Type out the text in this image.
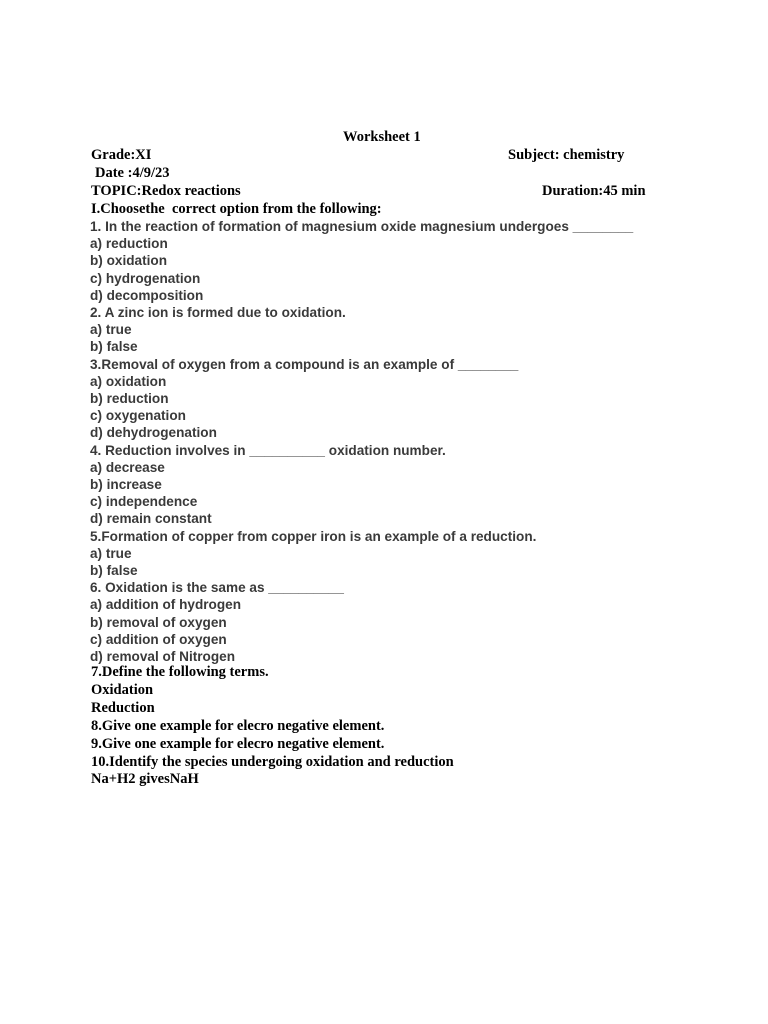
Worksheet 1
Grade:XI	Subject: chemistry
Date :4/9/23
TOPIC:Redox reactions	Duration:45 min
I.Choosethe  correct option from the following:
1. In the reaction of formation of magnesium oxide magnesium undergoes ________
a) reduction
b) oxidation
c) hydrogenation
d) decomposition
2. A zinc ion is formed due to oxidation.
a) true
b) false
3.Removal of oxygen from a compound is an example of ________
a) oxidation
b) reduction
c) oxygenation
d) dehydrogenation
4. Reduction involves in __________ oxidation number.
a) decrease
b) increase
c) independence
d) remain constant
5.Formation of copper from copper iron is an example of a reduction.
a) true
b) false
6. Oxidation is the same as __________
a) addition of hydrogen
b) removal of oxygen
c) addition of oxygen
d) removal of Nitrogen
7.Define the following terms.
Oxidation
Reduction
8.Give one example for elecro negative element.
9.Give one example for elecro negative element.
10.Identify the species undergoing oxidation and reduction
Na+H2 givesNaH
